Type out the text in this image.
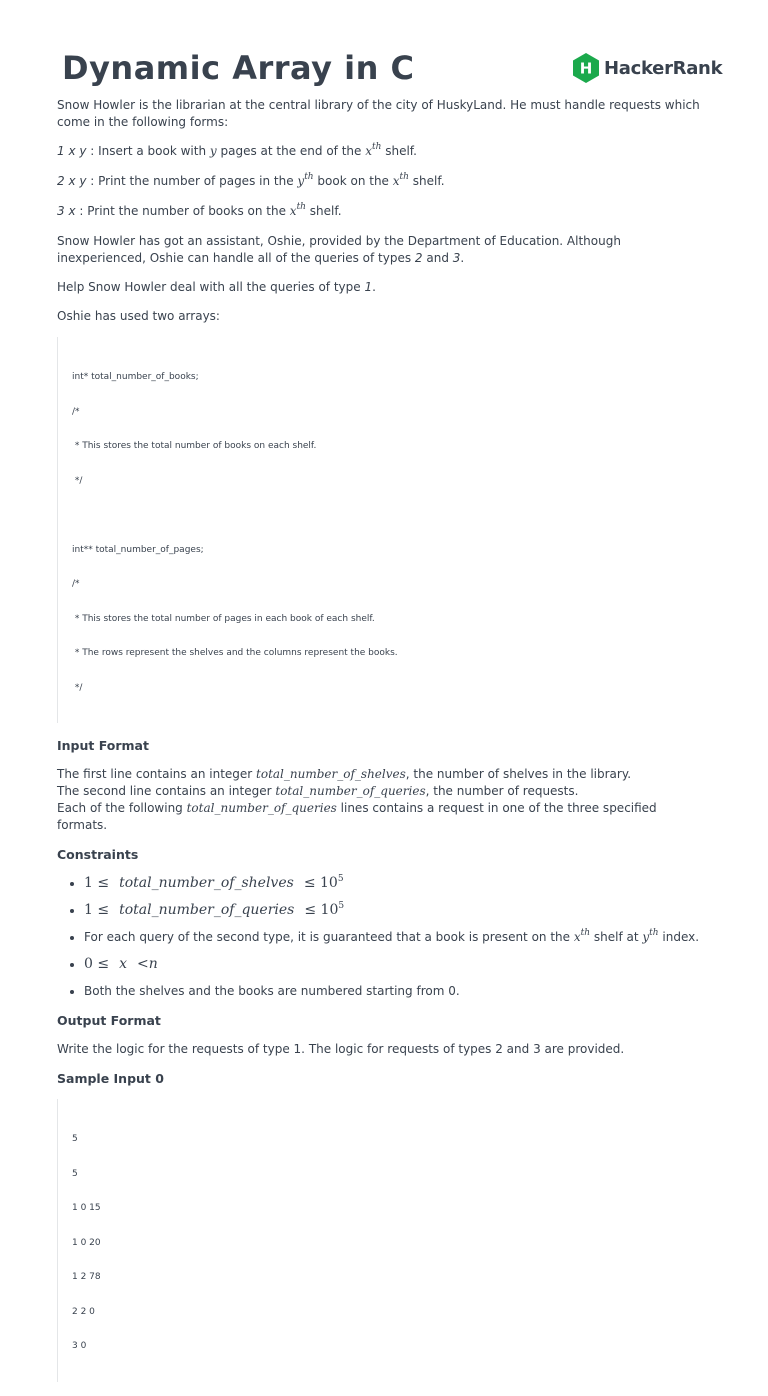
Dynamic Array in C	H HackerRank

Snow Howler is the librarian at the central library of the city of HuskyLand. He must handle requests which come in the following forms:

1 x y : Insert a book with y pages at the end of the $x^{th}$ shelf.

2 x y : Print the number of pages in the $y^{th}$ book on the $x^{th}$ shelf.

3 x : Print the number of books on the $x^{th}$ shelf.

Snow Howler has got an assistant, Oshie, provided by the Department of Education. Although inexperienced, Oshie can handle all of the queries of types 2 and 3.

Help Snow Howler deal with all the queries of type 1.

Oshie has used two arrays:

int* total_number_of_books;

/*

* This stores the total number of books on each shelf.

*/

int** total_number_of_pages;

/*

* This stores the total number of pages in each book of each shelf.

* The rows represent the shelves and the columns represent the books.

*/

Input Format

The first line contains an integer total_number_of_shelves, the number of shelves in the library.

The second line contains an integer total_number_of_queries, the number of requests.

Each of the following total_number_of_queries lines contains a request in one of the three specified formats.

Constraints
• 1 ≤ total_number_of_shelves ≤ $10^5$
• 1 ≤ total_number_of_queries ≤ $10^5$
• For each query of the second type, it is guaranteed that a book is present on the $x^{th}$ shelf at $y^{th}$ index.
• 0 ≤ x <n
• Both the shelves and the books are numbered starting from 0.
Output Format

Write the logic for the requests of type 1. The logic for requests of types 2 and 3 are provided.

Sample Input 0

5

5

1 0 15

1 0 20

1 2 78

2 2 0

3 0
